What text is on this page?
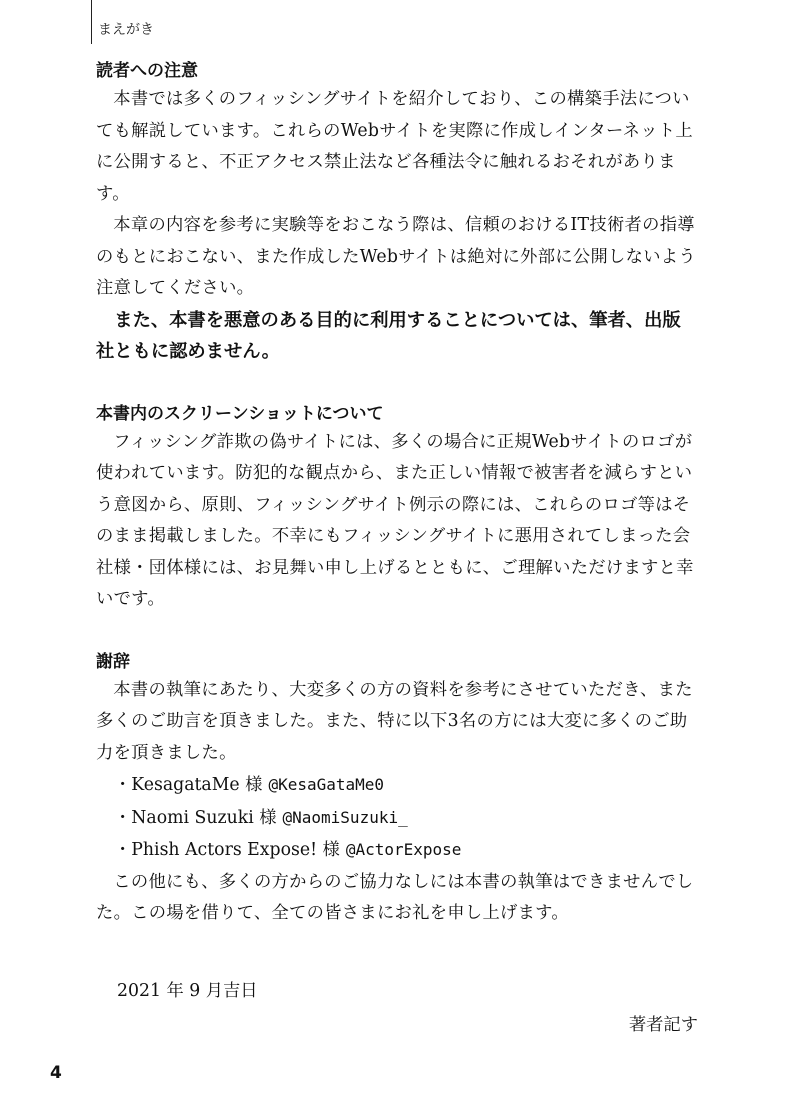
まえがき
読者への注意

本書では多くのフィッシングサイトを紹介しており、この構築手法についても解説しています。これらのWebサイトを実際に作成しインターネット上に公開すると、不正アクセス禁止法など各種法令に触れるおそれがあります。

本章の内容を参考に実験等をおこなう際は、信頼のおけるIT技術者の指導のもとにおこない、また作成したWebサイトは絶対に外部に公開しないよう注意してください。

また、本書を悪意のある目的に利用することについては、筆者、出版社ともに認めません。

本書内のスクリーンショットについて

フィッシング詐欺の偽サイトには、多くの場合に正規Webサイトのロゴが使われています。防犯的な観点から、また正しい情報で被害者を減らすという意図から、原則、フィッシングサイト例示の際には、これらのロゴ等はそのまま掲載しました。不幸にもフィッシングサイトに悪用されてしまった会社様・団体様には、お見舞い申し上げるとともに、ご理解いただけますと幸いです。

謝辞

本書の執筆にあたり、大変多くの方の資料を参考にさせていただき、また多くのご助言を頂きました。また、特に以下3名の方には大変に多くのご助力を頂きました。

・KesagataMe 様 @KesaGataMe0
・Naomi Suzuki 様 @NaomiSuzuki_
・Phish Actors Expose! 様 @ActorExpose

この他にも、多くの方からのご協力なしには本書の執筆はできませんでした。この場を借りて、全ての皆さまにお礼を申し上げます。

2021 年 9 月吉日
著者記す
4
